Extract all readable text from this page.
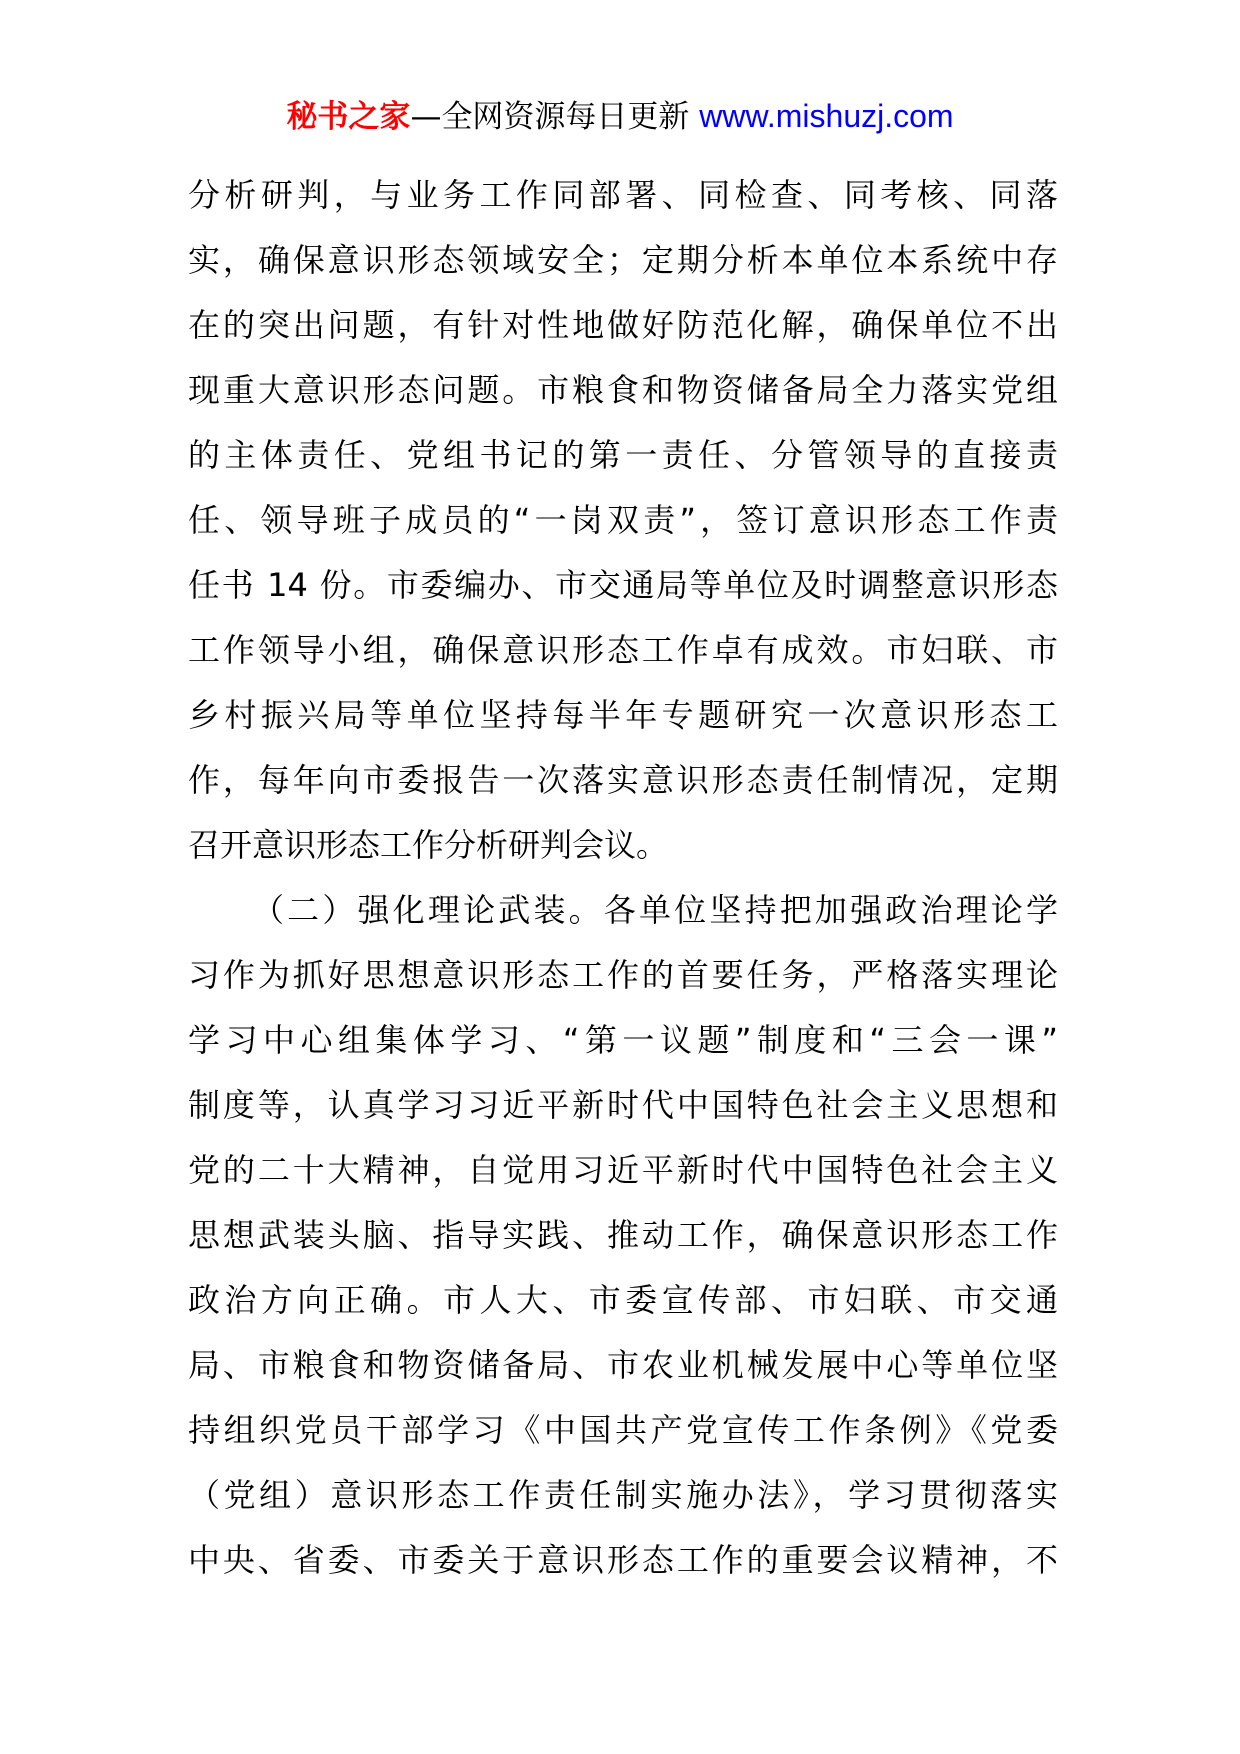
秘书之家—全网资源每日更新 www.mishuzj.com

分析研判，与业务工作同部署、同检查、同考核、同落
实，确保意识形态领域安全；定期分析本单位本系统中存
在的突出问题，有针对性地做好防范化解，确保单位不出
现重大意识形态问题。市粮食和物资储备局全力落实党组
的主体责任、党组书记的第一责任、分管领导的直接责
任、领导班子成员的“一岗双责”，签订意识形态工作责
任书 14 份。市委编办、市交通局等单位及时调整意识形态
工作领导小组，确保意识形态工作卓有成效。市妇联、市
乡村振兴局等单位坚持每半年专题研究一次意识形态工
作，每年向市委报告一次落实意识形态责任制情况，定期
召开意识形态工作分析研判会议。

（二）强化理论武装。各单位坚持把加强政治理论学
习作为抓好思想意识形态工作的首要任务，严格落实理论
学习中心组集体学习、“第一议题”制度和“三会一课”
制度等，认真学习习近平新时代中国特色社会主义思想和
党的二十大精神，自觉用习近平新时代中国特色社会主义
思想武装头脑、指导实践、推动工作，确保意识形态工作
政治方向正确。市人大、市委宣传部、市妇联、市交通
局、市粮食和物资储备局、市农业机械发展中心等单位坚
持组织党员干部学习《中国共产党宣传工作条例》《党委
（党组）意识形态工作责任制实施办法》，学习贯彻落实
中央、省委、市委关于意识形态工作的重要会议精神，不
